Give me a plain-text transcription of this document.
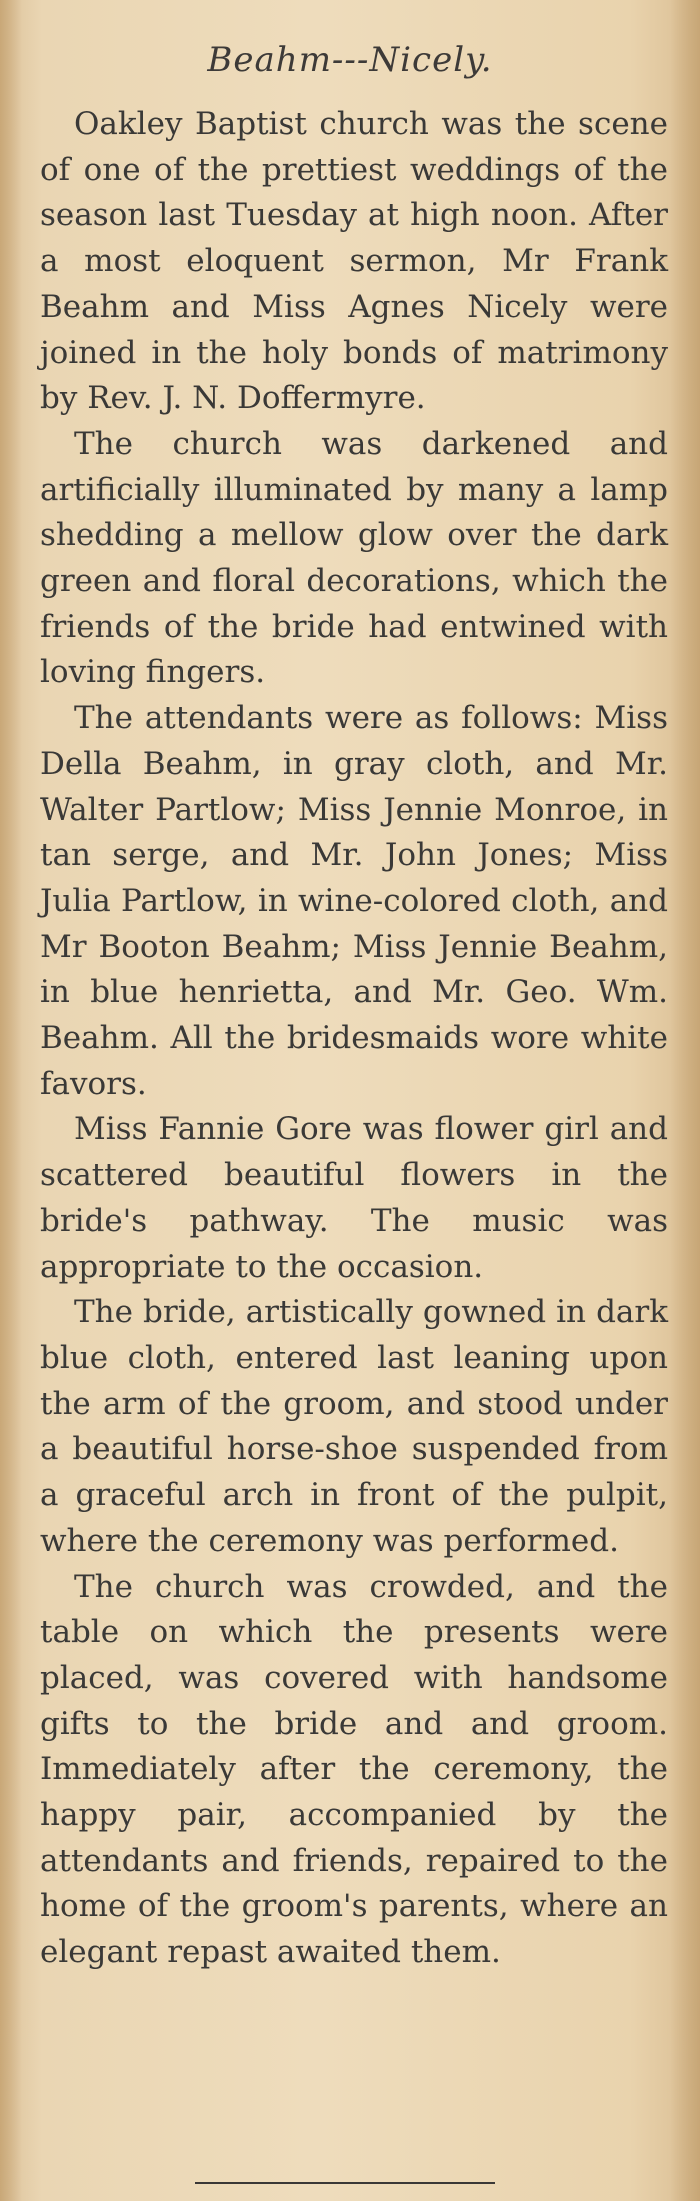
Beahm---Nicely.

Oakley Baptist church was the scene of one of the prettiest weddings of the season last Tuesday at high noon. After a most eloquent sermon, Mr Frank Beahm and Miss Agnes Nicely were joined in the holy bonds of matrimony by Rev. J. N. Doffermyre.

The church was darkened and artificially illuminated by many a lamp shedding a mellow glow over the dark green and floral decorations, which the friends of the bride had entwined with loving fingers.

The attendants were as follows: Miss Della Beahm, in gray cloth, and Mr. Walter Partlow; Miss Jennie Monroe, in tan serge, and Mr. John Jones; Miss Julia Partlow, in wine-colored cloth, and Mr Booton Beahm; Miss Jennie Beahm, in blue henrietta, and Mr. Geo. Wm. Beahm. All the bridesmaids wore white favors.

Miss Fannie Gore was flower girl and scattered beautiful flowers in the bride's pathway. The music was appropriate to the occasion.

The bride, artistically gowned in dark blue cloth, entered last leaning upon the arm of the groom, and stood under a beautiful horse-shoe suspended from a graceful arch in front of the pulpit, where the ceremony was performed.

The church was crowded, and the table on which the presents were placed, was covered with handsome gifts to the bride and and groom. Immediately after the ceremony, the happy pair, accompanied by the attendants and friends, repaired to the home of the groom's parents, where an elegant repast awaited them.
